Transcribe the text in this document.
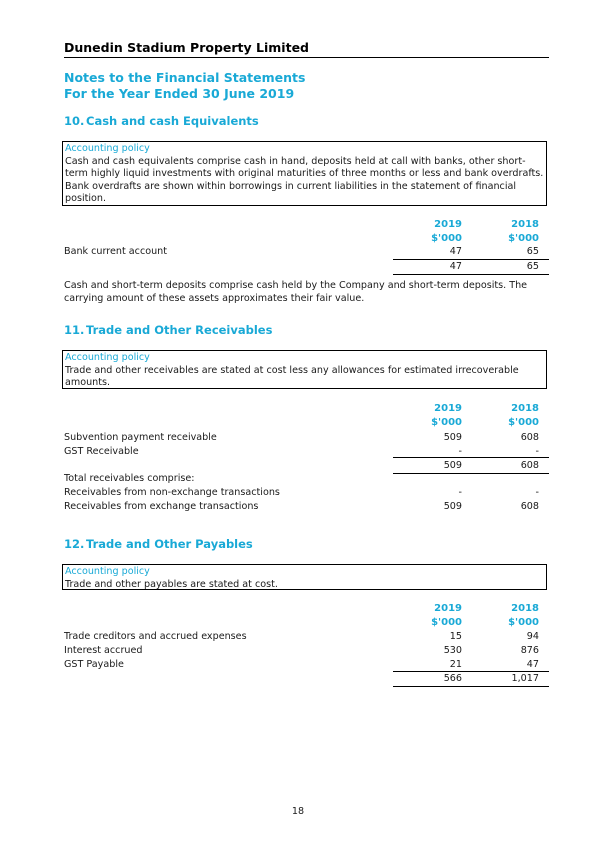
Dunedin Stadium Property Limited
Notes to the Financial Statements
For the Year Ended 30 June 2019
10. Cash and cash Equivalents
Accounting policy
Cash and cash equivalents comprise cash in hand, deposits held at call with banks, other short-term highly liquid investments with original maturities of three months or less and bank overdrafts. Bank overdrafts are shown within borrowings in current liabilities in the statement of financial position.
2019	2018
$'000	$'000
Bank current account	47	65
47	65
Cash and short-term deposits comprise cash held by the Company and short-term deposits. The carrying amount of these assets approximates their fair value.
11. Trade and Other Receivables
Accounting policy
Trade and other receivables are stated at cost less any allowances for estimated irrecoverable amounts.
2019	2018
$'000	$'000
Subvention payment receivable	509	608
GST Receivable	-	-
509	608
Total receivables comprise:
Receivables from non-exchange transactions	-	-
Receivables from exchange transactions	509	608
12. Trade and Other Payables
Accounting policy
Trade and other payables are stated at cost.
2019	2018
$'000	$'000
Trade creditors and accrued expenses	15	94
Interest accrued	530	876
GST Payable	21	47
566	1,017
18
